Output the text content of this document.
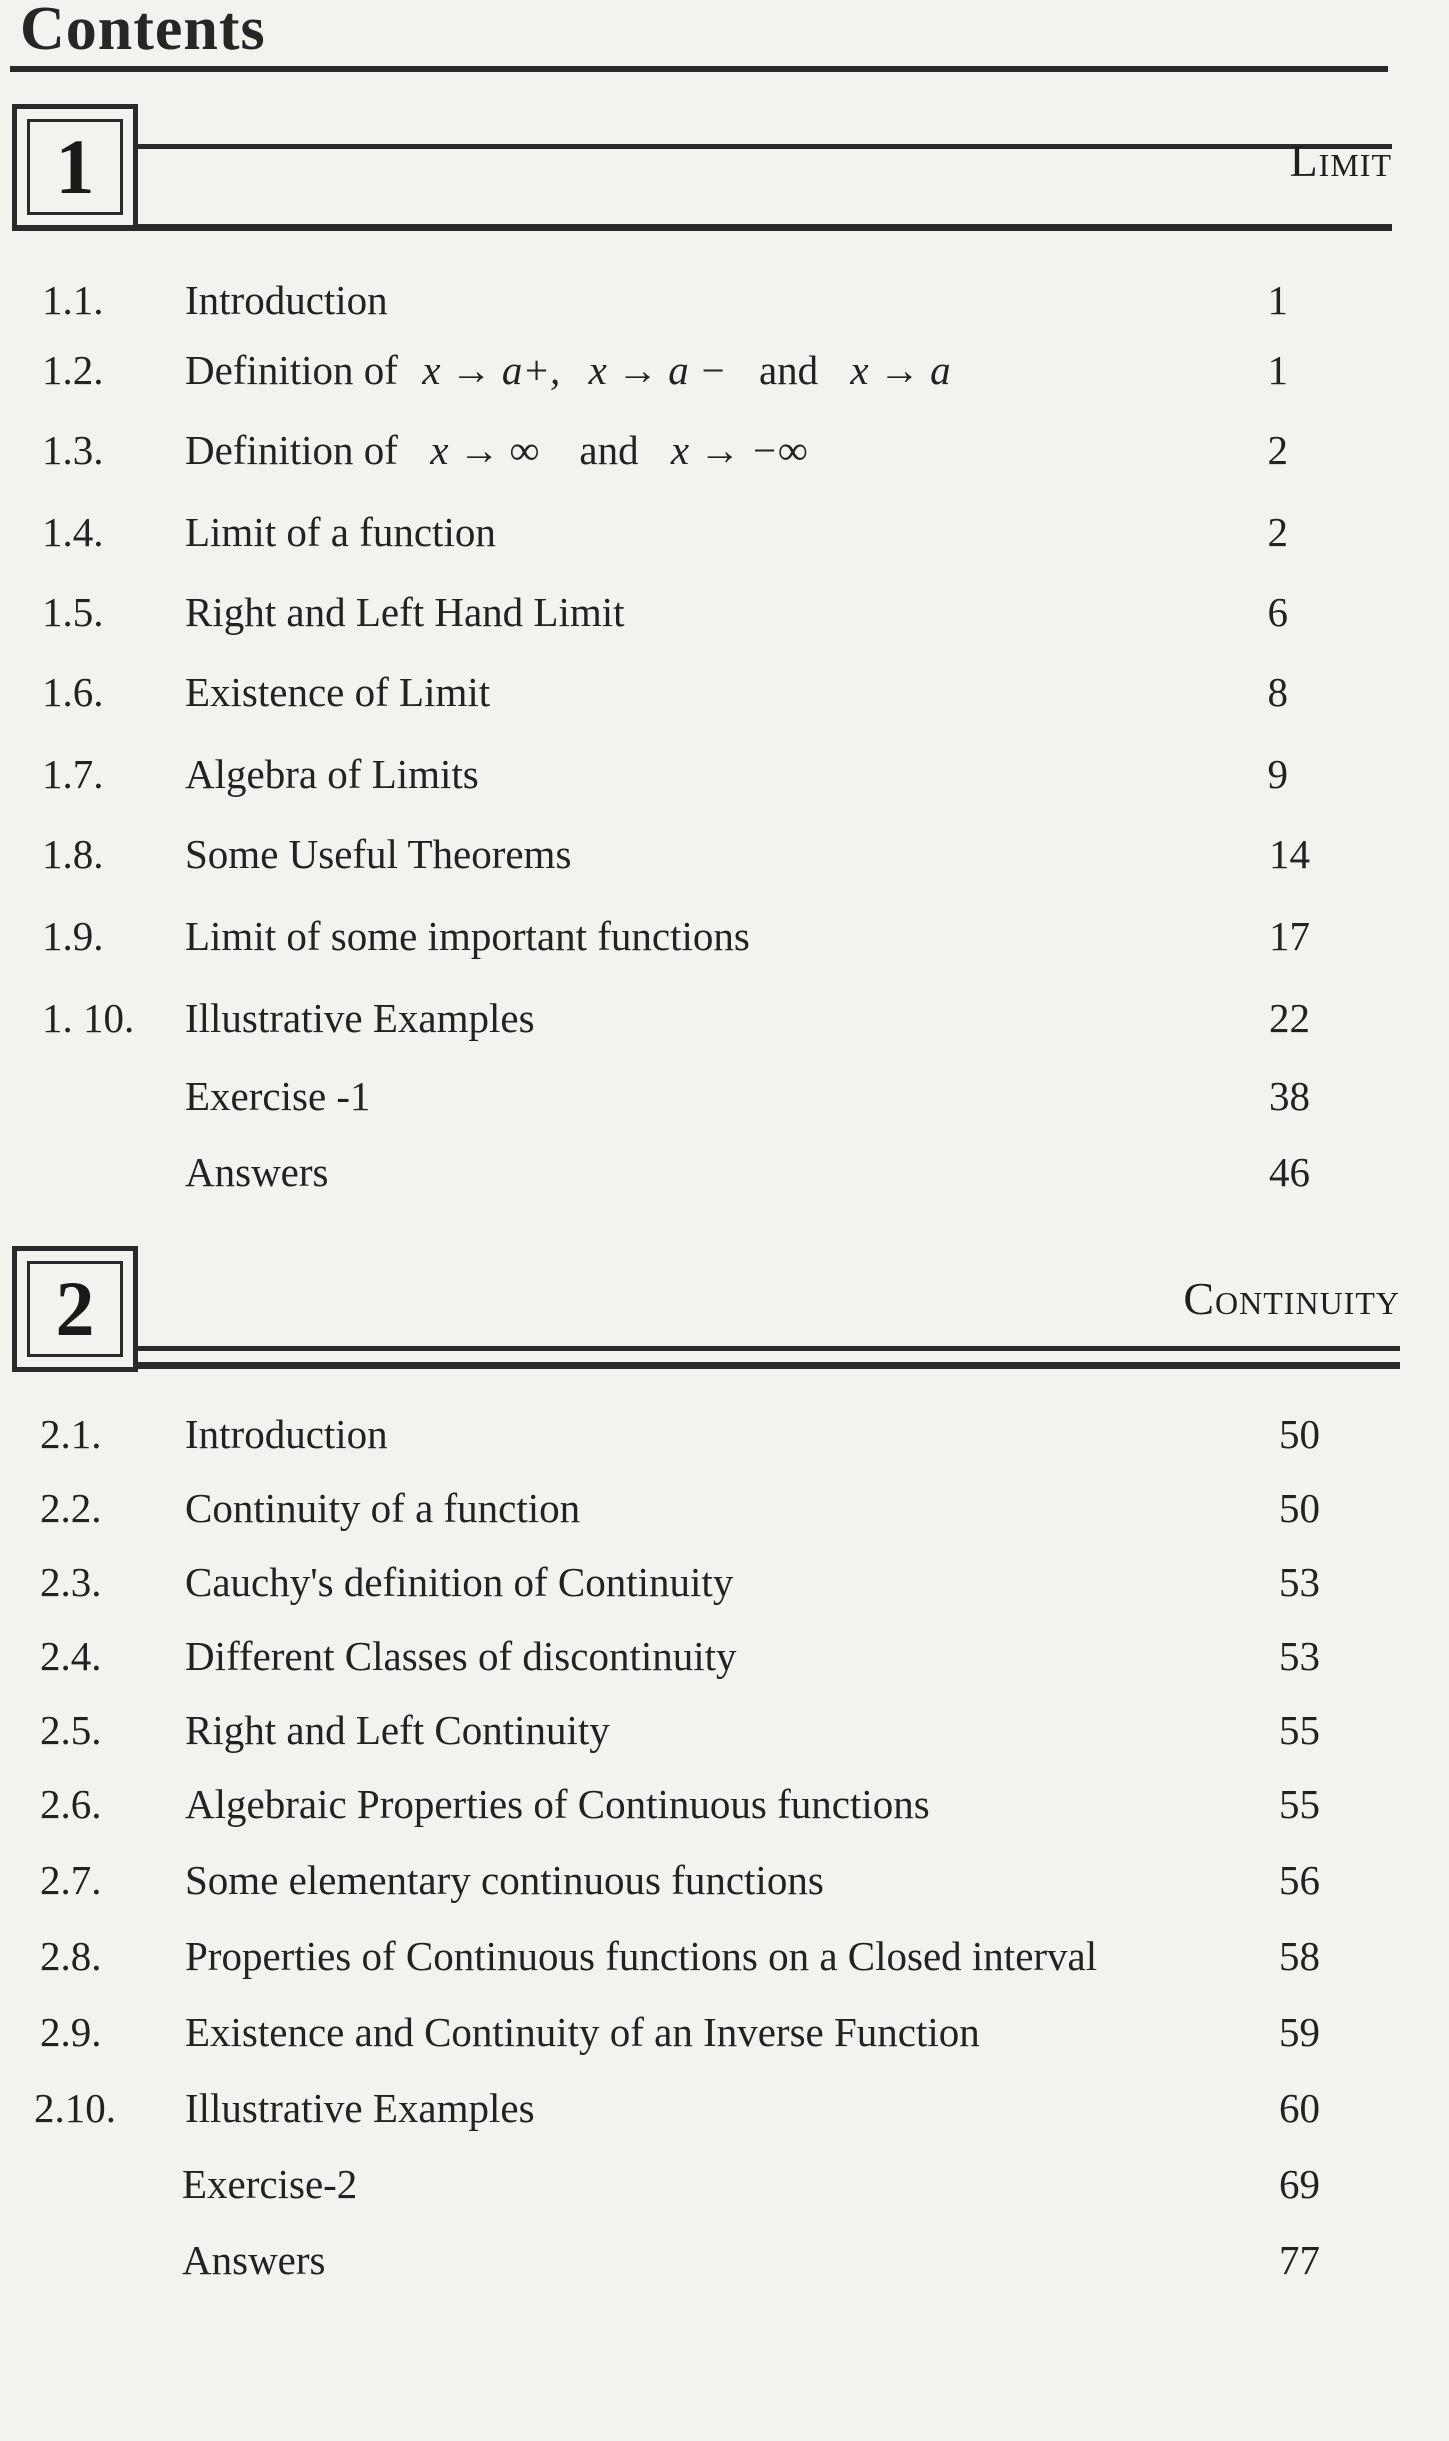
Contents
1	Limit
1.1. Introduction	1
1.2. Definition of x → a+, x → a − and x → a	1
1.3. Definition of x → ∞ and x → −∞	2
1.4. Limit of a function	2
1.5. Right and Left Hand Limit	6
1.6. Existence of Limit	8
1.7. Algebra of Limits	9
1.8. Some Useful Theorems	14
1.9. Limit of some important functions	17
1. 10. Illustrative Examples	22
Exercise -1	38
Answers	46
2	Continuity
2.1. Introduction	50
2.2. Continuity of a function	50
2.3. Cauchy's definition of Continuity	53
2.4. Different Classes of discontinuity	53
2.5. Right and Left Continuity	55
2.6. Algebraic Properties of Continuous functions	55
2.7. Some elementary continuous functions	56
2.8. Properties of Continuous functions on a Closed interval	58
2.9. Existence and Continuity of an Inverse Function	59
2.10. Illustrative Examples	60
Exercise-2	69
Answers	77
